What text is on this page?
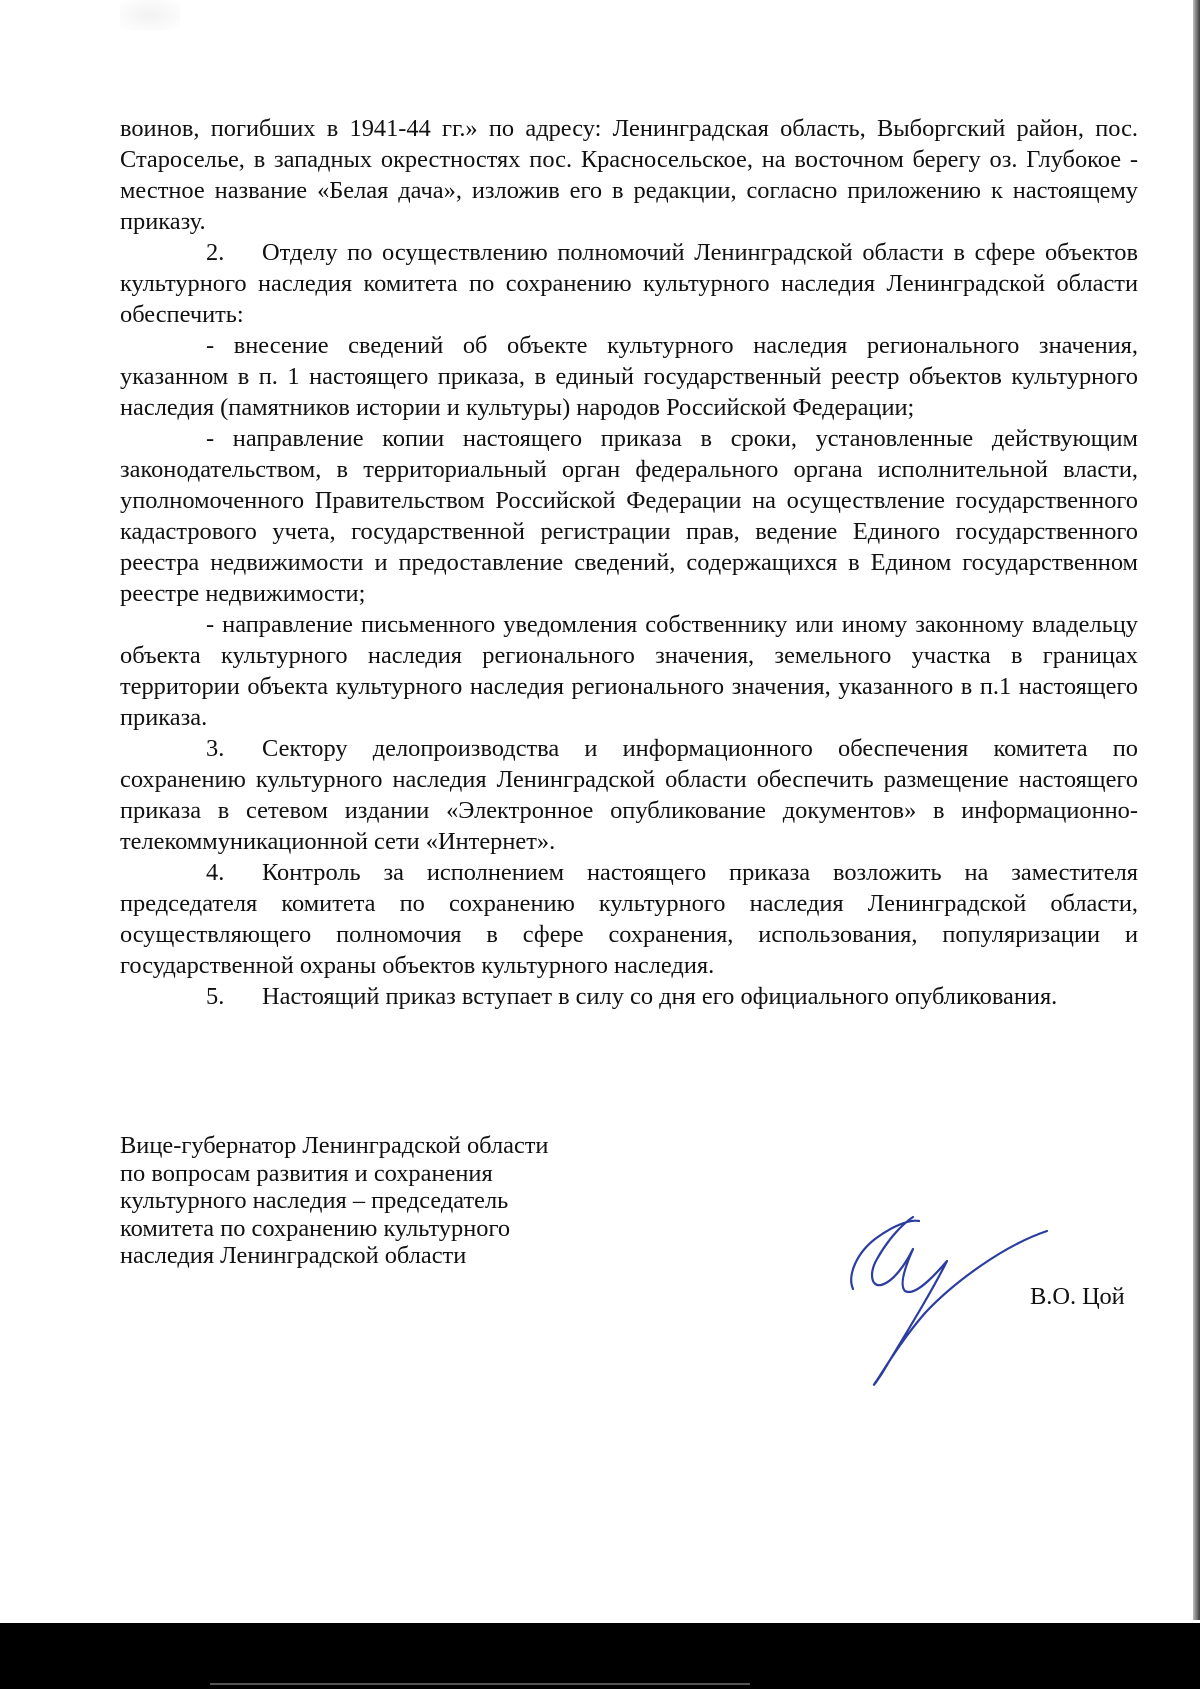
воинов, погибших в 1941-44 гг.» по адресу: Ленинградская область, Выборгский район, пос. Староселье, в западных окрестностях пос. Красносельское, на восточном берегу оз. Глубокое - местное название «Белая дача», изложив его в редакции, согласно приложению к настоящему приказу.

2. Отделу по осуществлению полномочий Ленинградской области в сфере объектов культурного наследия комитета по сохранению культурного наследия Ленинградской области обеспечить:

- внесение сведений об объекте культурного наследия регионального значения, указанном в п. 1 настоящего приказа, в единый государственный реестр объектов культурного наследия (памятников истории и культуры) народов Российской Федерации;

- направление копии настоящего приказа в сроки, установленные действующим законодательством, в территориальный орган федерального органа исполнительной власти, уполномоченного Правительством Российской Федерации на осуществление государственного кадастрового учета, государственной регистрации прав, ведение Единого государственного реестра недвижимости и предоставление сведений, содержащихся в Едином государственном реестре недвижимости;

- направление письменного уведомления собственнику или иному законному владельцу объекта культурного наследия регионального значения, земельного участка в границах территории объекта культурного наследия регионального значения, указанного в п.1 настоящего приказа.

3. Сектору делопроизводства и информационного обеспечения комитета по сохранению культурного наследия Ленинградской области обеспечить размещение настоящего приказа в сетевом издании «Электронное опубликование документов» в информационно-телекоммуникационной сети «Интернет».

4. Контроль за исполнением настоящего приказа возложить на заместителя председателя комитета по сохранению культурного наследия Ленинградской области, осуществляющего полномочия в сфере сохранения, использования, популяризации и государственной охраны объектов культурного наследия.

5. Настоящий приказ вступает в силу со дня его официального опубликования.

Вице-губернатор Ленинградской области
по вопросам развития и сохранения
культурного наследия – председатель
комитета по сохранению культурного
наследия Ленинградской области
В.О. Цой
